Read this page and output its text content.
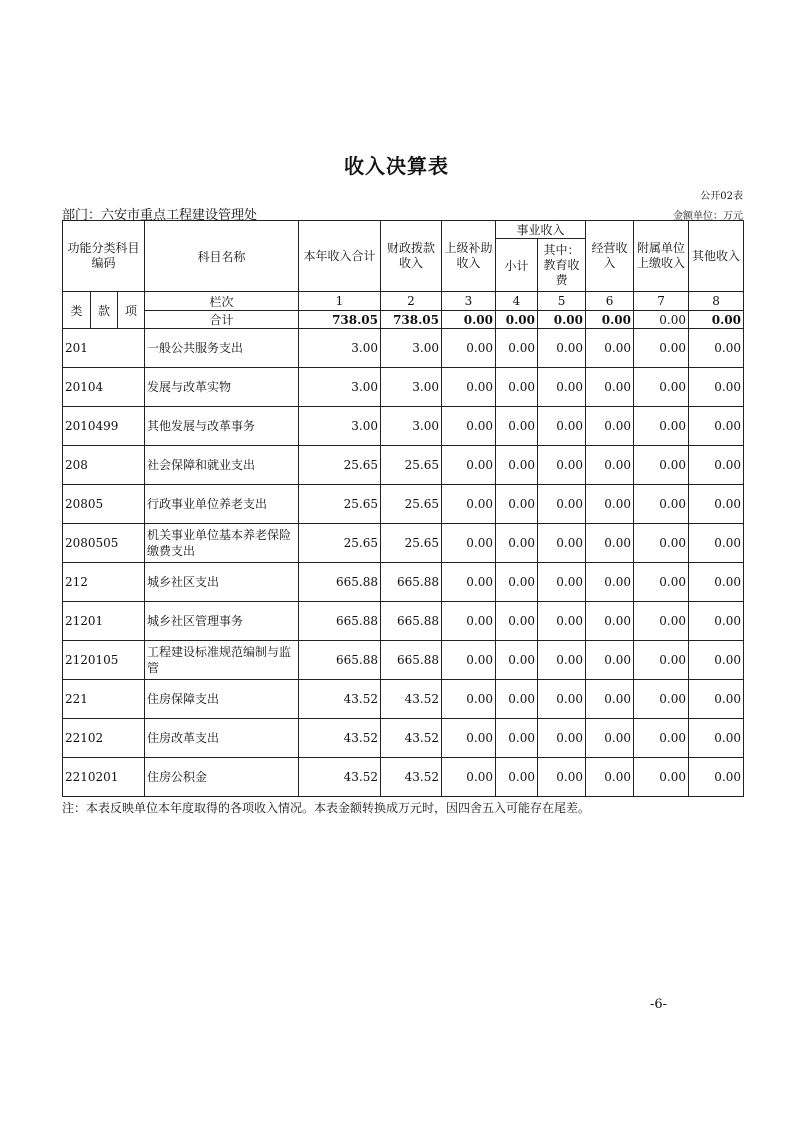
收入决算表
公开02表
部门：六安市重点工程建设管理处	金额单位：万元
功能分类科目编码			科目名称	本年收入合计	财政拨款收入	上级补助收入	事业收入		经营收入	附属单位上缴收入	其他收入
							小计	其中：教育收费			
类	款	项	栏次	1	2	3	4	5	6	7	8
			合计	738.05	738.05	0.00	0.00	0.00	0.00	0.00	0.00
201			一般公共服务支出	3.00	3.00	0.00	0.00	0.00	0.00	0.00	0.00
20104			发展与改革实物	3.00	3.00	0.00	0.00	0.00	0.00	0.00	0.00
2010499			其他发展与改革事务	3.00	3.00	0.00	0.00	0.00	0.00	0.00	0.00
208			社会保障和就业支出	25.65	25.65	0.00	0.00	0.00	0.00	0.00	0.00
20805			行政事业单位养老支出	25.65	25.65	0.00	0.00	0.00	0.00	0.00	0.00
2080505			机关事业单位基本养老保险缴费支出	25.65	25.65	0.00	0.00	0.00	0.00	0.00	0.00
212			城乡社区支出	665.88	665.88	0.00	0.00	0.00	0.00	0.00	0.00
21201			城乡社区管理事务	665.88	665.88	0.00	0.00	0.00	0.00	0.00	0.00
2120105			工程建设标准规范编制与监管	665.88	665.88	0.00	0.00	0.00	0.00	0.00	0.00
221			住房保障支出	43.52	43.52	0.00	0.00	0.00	0.00	0.00	0.00
22102			住房改革支出	43.52	43.52	0.00	0.00	0.00	0.00	0.00	0.00
2210201			住房公积金	43.52	43.52	0.00	0.00	0.00	0.00	0.00	0.00
注：本表反映单位本年度取得的各项收入情况。本表金额转换成万元时，因四舍五入可能存在尾差。
-6-
